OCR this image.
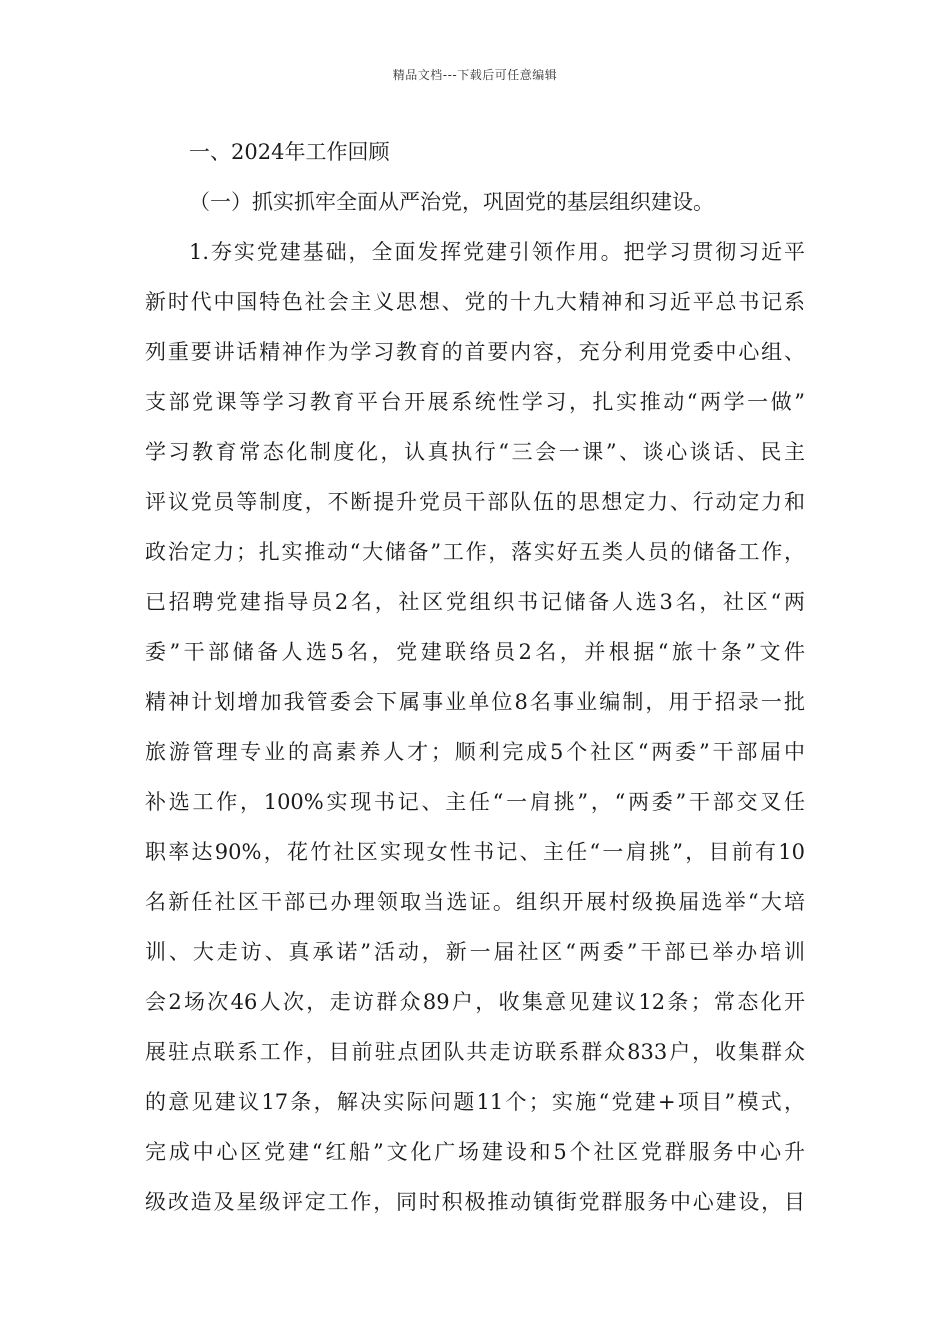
精品文档---下载后可任意编辑
一、2024年工作回顾
（一）抓实抓牢全面从严治党，巩固党的基层组织建设。
1.夯实党建基础，全面发挥党建引领作用。把学习贯彻习近平
新时代中国特色社会主义思想、党的十九大精神和习近平总书记系
列重要讲话精神作为学习教育的首要内容，充分利用党委中心组、
支部党课等学习教育平台开展系统性学习，扎实推动“两学一做”
学习教育常态化制度化，认真执行“三会一课”、谈心谈话、民主
评议党员等制度，不断提升党员干部队伍的思想定力、行动定力和
政治定力；扎实推动“大储备”工作，落实好五类人员的储备工作，
已招聘党建指导员2名，社区党组织书记储备人选3名，社区“两
委”干部储备人选5名，党建联络员2名，并根据“旅十条”文件
精神计划增加我管委会下属事业单位8名事业编制，用于招录一批
旅游管理专业的高素养人才；顺利完成5个社区“两委”干部届中
补选工作，100%实现书记、主任“一肩挑”，“两委”干部交叉任
职率达90%，花竹社区实现女性书记、主任“一肩挑”，目前有10
名新任社区干部已办理领取当选证。组织开展村级换届选举“大培
训、大走访、真承诺”活动，新一届社区“两委”干部已举办培训
会2场次46人次，走访群众89户，收集意见建议12条；常态化开
展驻点联系工作，目前驻点团队共走访联系群众833户，收集群众
的意见建议17条，解决实际问题11个；实施“党建+项目”模式，
完成中心区党建“红船”文化广场建设和5个社区党群服务中心升
级改造及星级评定工作，同时积极推动镇街党群服务中心建设，目
